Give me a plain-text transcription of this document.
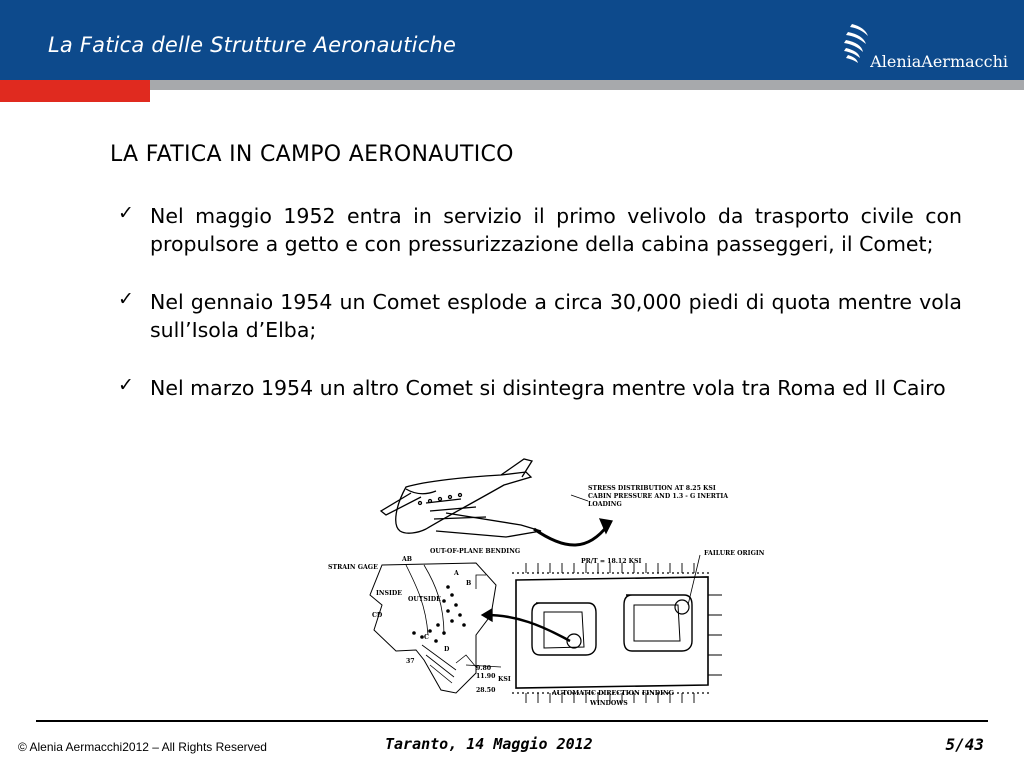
La Fatica delle Strutture Aeronautiche
AleniaAermacchi
LA FATICA IN CAMPO AERONAUTICO
✓ Nel maggio 1952 entra in servizio il primo velivolo da trasporto civile con propulsore a getto e con pressurizzazione della cabina passeggeri, il Comet;
✓ Nel gennaio 1954 un Comet esplode a circa 30,000 piedi di quota mentre vola sull’Isola d’Elba;
✓ Nel marzo 1954 un altro Comet si disintegra mentre vola tra Roma ed Il Cairo
STRESS DISTRIBUTION AT 8.25 KSI
CABIN PRESSURE AND 1.3 - G INERTIA
LOADING
OUT-OF-PLANE BENDING
STRAIN GAGE
AB
A
B
INSIDE
OUTSIDE
CD
C
D
37
PR/T = 18.12 KSI
FAILURE ORIGIN
9.80
11.90 KSI
28.50	AUTOMATIC DIRECTION FINDING
WINDOWS
© Alenia Aermacchi2012 – All Rights Reserved	Taranto, 14 Maggio 2012	5/43
